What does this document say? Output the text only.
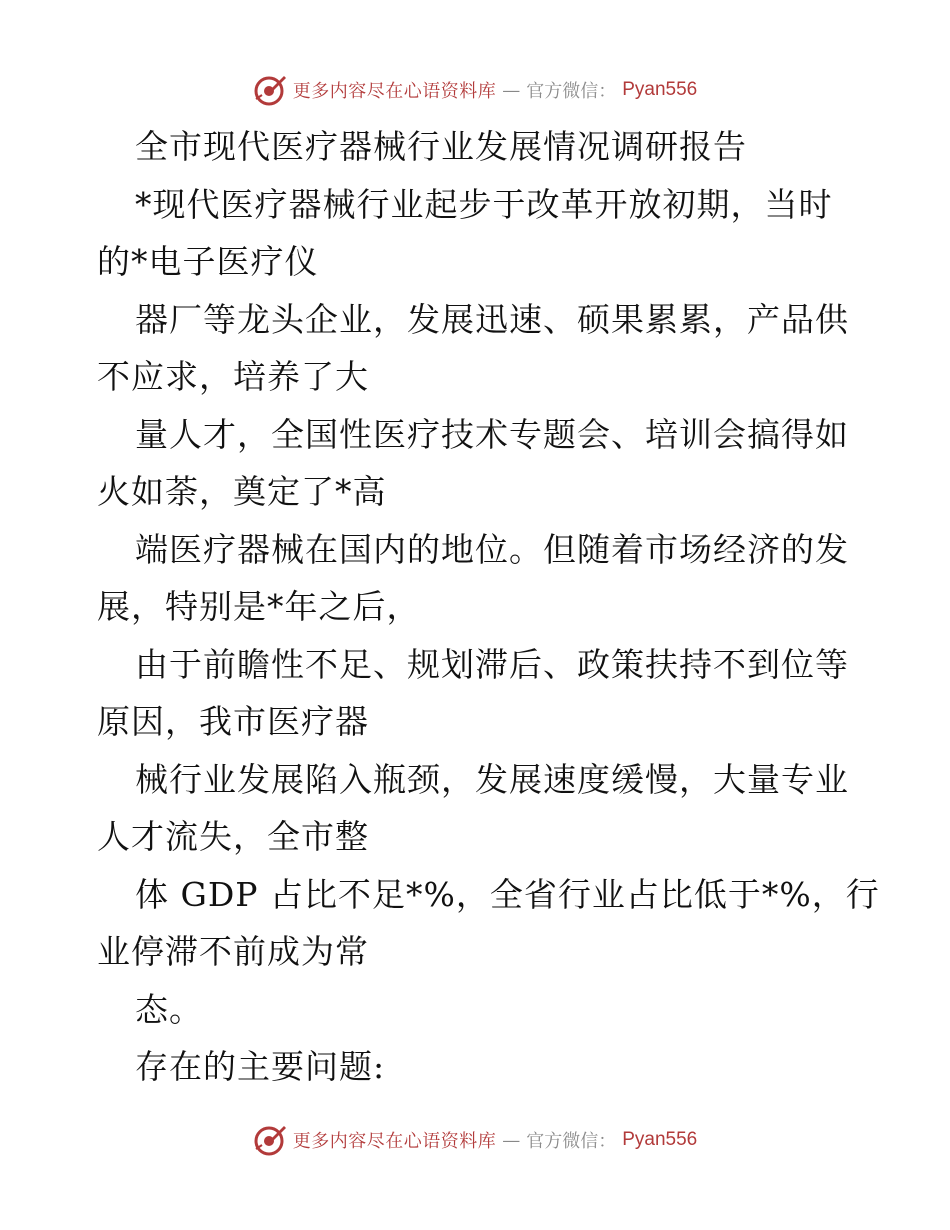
更多内容尽在心语资料库 — 官方微信： Pyan556
全市现代医疗器械行业发展情况调研报告
*现代医疗器械行业起步于改革开放初期，当时
的*电子医疗仪
器厂等龙头企业，发展迅速、硕果累累，产品供
不应求，培养了大
量人才，全国性医疗技术专题会、培训会搞得如
火如荼，奠定了*高
端医疗器械在国内的地位。但随着市场经济的发
展，特别是*年之后，
由于前瞻性不足、规划滞后、政策扶持不到位等
原因，我市医疗器
械行业发展陷入瓶颈，发展速度缓慢，大量专业
人才流失，全市整
体 GDP 占比不足*%，全省行业占比低于*%，行
业停滞不前成为常
态。
存在的主要问题:
更多内容尽在心语资料库 — 官方微信： Pyan556
